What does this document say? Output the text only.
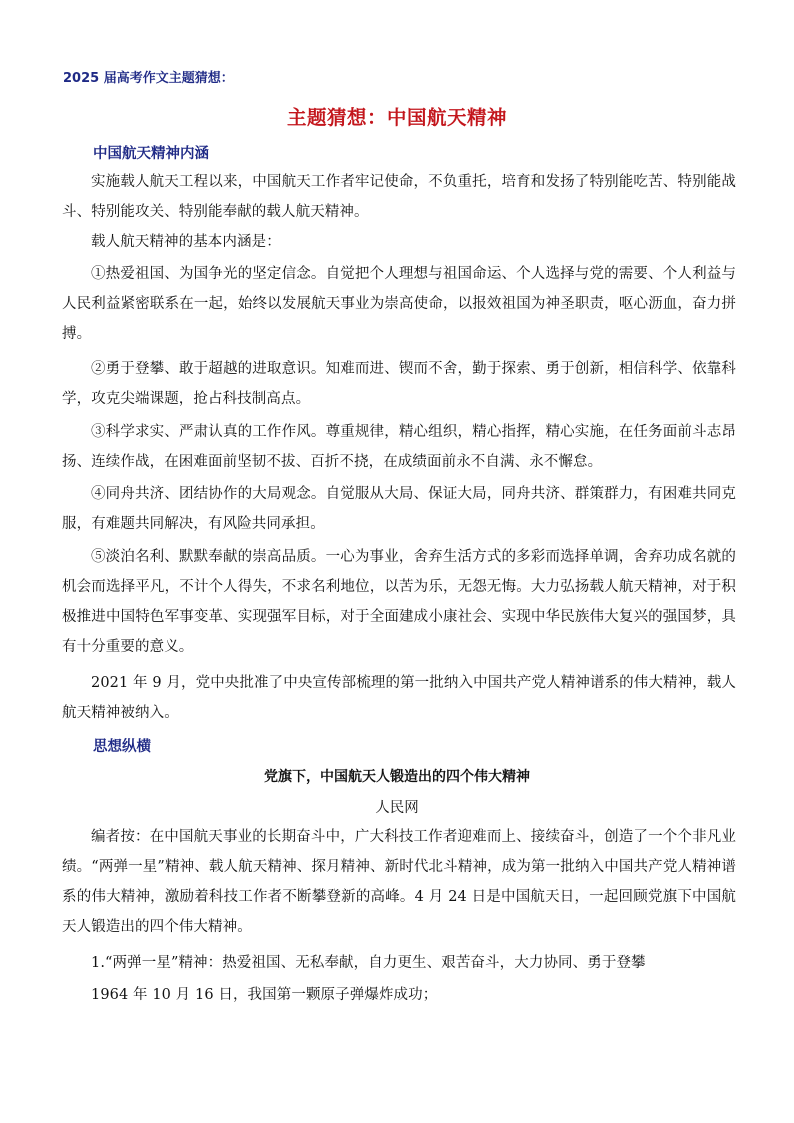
2025 届高考作文主题猜想：
主题猜想：中国航天精神
中国航天精神内涵

实施载人航天工程以来，中国航天工作者牢记使命，不负重托，培育和发扬了特别能吃苦、特别能战斗、特别能攻关、特别能奉献的载人航天精神。

载人航天精神的基本内涵是：

①热爱祖国、为国争光的坚定信念。自觉把个人理想与祖国命运、个人选择与党的需要、个人利益与人民利益紧密联系在一起，始终以发展航天事业为崇高使命，以报效祖国为神圣职责，呕心沥血，奋力拼搏。

②勇于登攀、敢于超越的进取意识。知难而进、锲而不舍，勤于探索、勇于创新，相信科学、依靠科学，攻克尖端课题，抢占科技制高点。

③科学求实、严肃认真的工作作风。尊重规律，精心组织，精心指挥，精心实施，在任务面前斗志昂扬、连续作战，在困难面前坚韧不拔、百折不挠，在成绩面前永不自满、永不懈怠。

④同舟共济、团结协作的大局观念。自觉服从大局、保证大局，同舟共济、群策群力，有困难共同克服，有难题共同解决，有风险共同承担。

⑤淡泊名利、默默奉献的崇高品质。一心为事业，舍弃生活方式的多彩而选择单调，舍弃功成名就的机会而选择平凡，不计个人得失，不求名利地位，以苦为乐，无怨无悔。大力弘扬载人航天精神，对于积极推进中国特色军事变革、实现强军目标，对于全面建成小康社会、实现中华民族伟大复兴的强国梦，具有十分重要的意义。

2021 年 9 月，党中央批准了中央宣传部梳理的第一批纳入中国共产党人精神谱系的伟大精神，载人航天精神被纳入。

思想纵横
党旗下，中国航天人锻造出的四个伟大精神
人民网

编者按：在中国航天事业的长期奋斗中，广大科技工作者迎难而上、接续奋斗，创造了一个个非凡业绩。“两弹一星”精神、载人航天精神、探月精神、新时代北斗精神，成为第一批纳入中国共产党人精神谱系的伟大精神，激励着科技工作者不断攀登新的高峰。4 月 24 日是中国航天日，一起回顾党旗下中国航天人锻造出的四个伟大精神。

1.“两弹一星”精神：热爱祖国、无私奉献，自力更生、艰苦奋斗，大力协同、勇于登攀

1964 年 10 月 16 日，我国第一颗原子弹爆炸成功；
